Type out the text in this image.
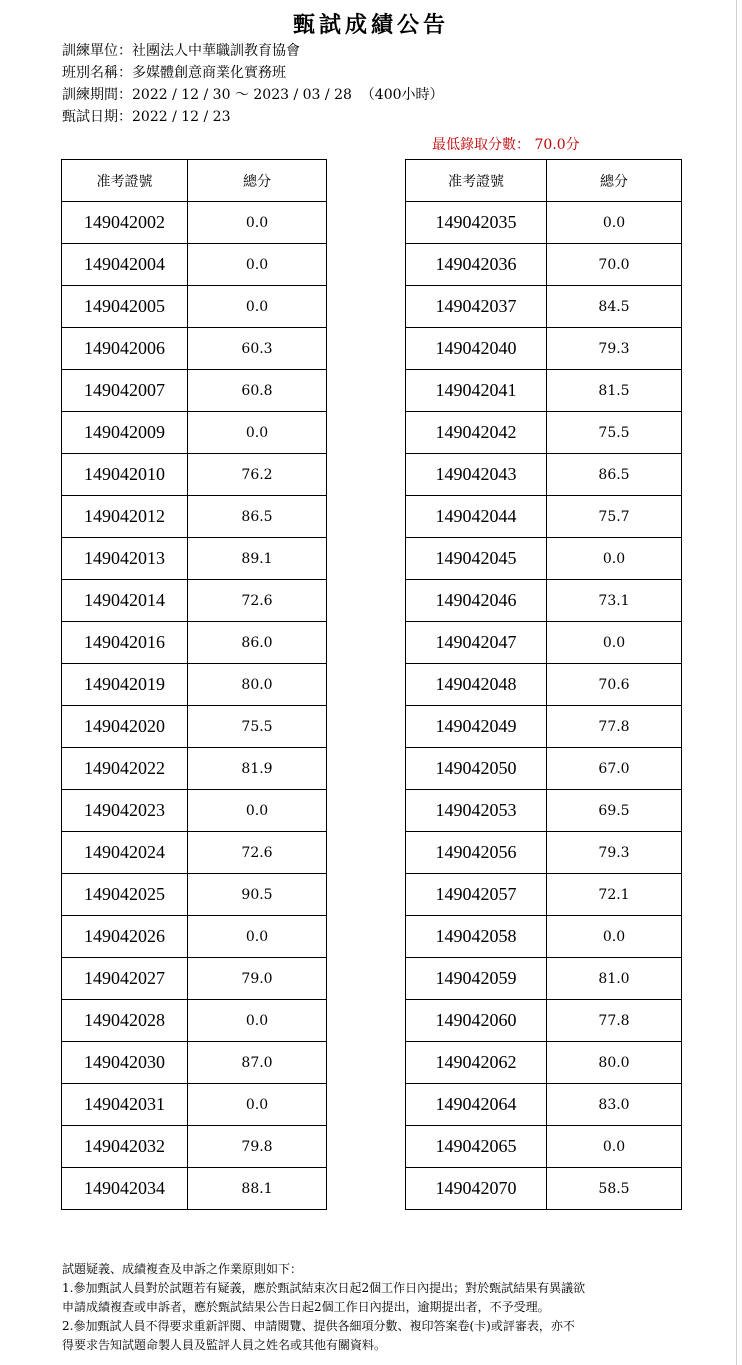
甄試成績公告
訓練單位：社團法人中華職訓教育協會
班別名稱：多媒體創意商業化實務班
訓練期間：2022 / 12 / 30 ～ 2023 / 03 / 28  （400小時）
甄試日期：2022 / 12 / 23
最低錄取分數： 70.0分
准考證號	總分
149042002	0.0
149042004	0.0
149042005	0.0
149042006	60.3
149042007	60.8
149042009	0.0
149042010	76.2
149042012	86.5
149042013	89.1
149042014	72.6
149042016	86.0
149042019	80.0
149042020	75.5
149042022	81.9
149042023	0.0
149042024	72.6
149042025	90.5
149042026	0.0
149042027	79.0
149042028	0.0
149042030	87.0
149042031	0.0
149042032	79.8
149042034	88.1
准考證號	總分
149042035	0.0
149042036	70.0
149042037	84.5
149042040	79.3
149042041	81.5
149042042	75.5
149042043	86.5
149042044	75.7
149042045	0.0
149042046	73.1
149042047	0.0
149042048	70.6
149042049	77.8
149042050	67.0
149042053	69.5
149042056	79.3
149042057	72.1
149042058	0.0
149042059	81.0
149042060	77.8
149042062	80.0
149042064	83.0
149042065	0.0
149042070	58.5
試題疑義、成績複查及申訴之作業原則如下：
1.參加甄試人員對於試題若有疑義，應於甄試結束次日起2個工作日內提出；對於甄試結果有異議欲
申請成績複查或申訴者，應於甄試結果公告日起2個工作日內提出，逾期提出者，不予受理。
2.參加甄試人員不得要求重新評閱、申請閱覽、提供各細項分數、複印答案卷(卡)或評審表，亦不
得要求告知試題命製人員及監評人員之姓名或其他有關資料。
